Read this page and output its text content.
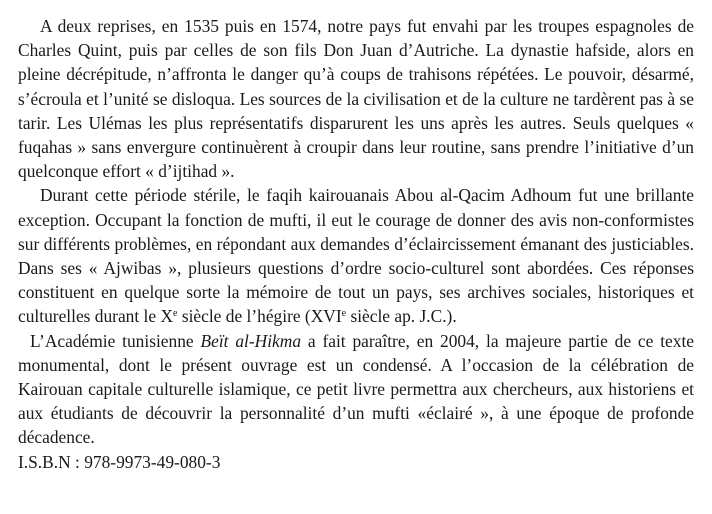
A deux reprises, en 1535 puis en 1574, notre pays fut envahi par les troupes espagnoles de Charles Quint, puis par celles de son fils Don Juan d’Autriche. La dynastie hafside, alors en pleine décrépitude, n’affronta le danger qu’à coups de trahisons répétées. Le pouvoir, désarmé, s’écroula et l’unité se disloqua. Les sources de la civilisation et de la culture ne tardèrent pas à se tarir. Les Ulémas les plus représentatifs disparurent les uns après les autres. Seuls quelques « fuqahas » sans envergure continuèrent à croupir dans leur routine, sans prendre l’initiative d’un quelconque effort « d’ijtihad ».

Durant cette période stérile, le faqih kairouanais Abou al-Qacim Adhoum fut une brillante exception. Occupant la fonction de mufti, il eut le courage de donner des avis non-conformistes sur différents problèmes, en répondant aux demandes d’éclaircissement émanant des justiciables. Dans ses « Ajwibas », plusieurs questions d’ordre socio-culturel sont abordées. Ces réponses constituent en quelque sorte la mémoire de tout un pays, ses archives sociales, historiques et culturelles durant le Xe siècle de l’hégire (XVIe siècle ap. J.C.).

L’Académie tunisienne Beït al-Hikma a fait paraître, en 2004, la majeure partie de ce texte monumental, dont le présent ouvrage est un condensé. A l’occasion de la célébration de Kairouan capitale culturelle islamique, ce petit livre permettra aux chercheurs, aux historiens et aux étudiants de découvrir la personnalité d’un mufti «éclairé », à une époque de profonde décadence.

I.S.B.N : 978-9973-49-080-3
